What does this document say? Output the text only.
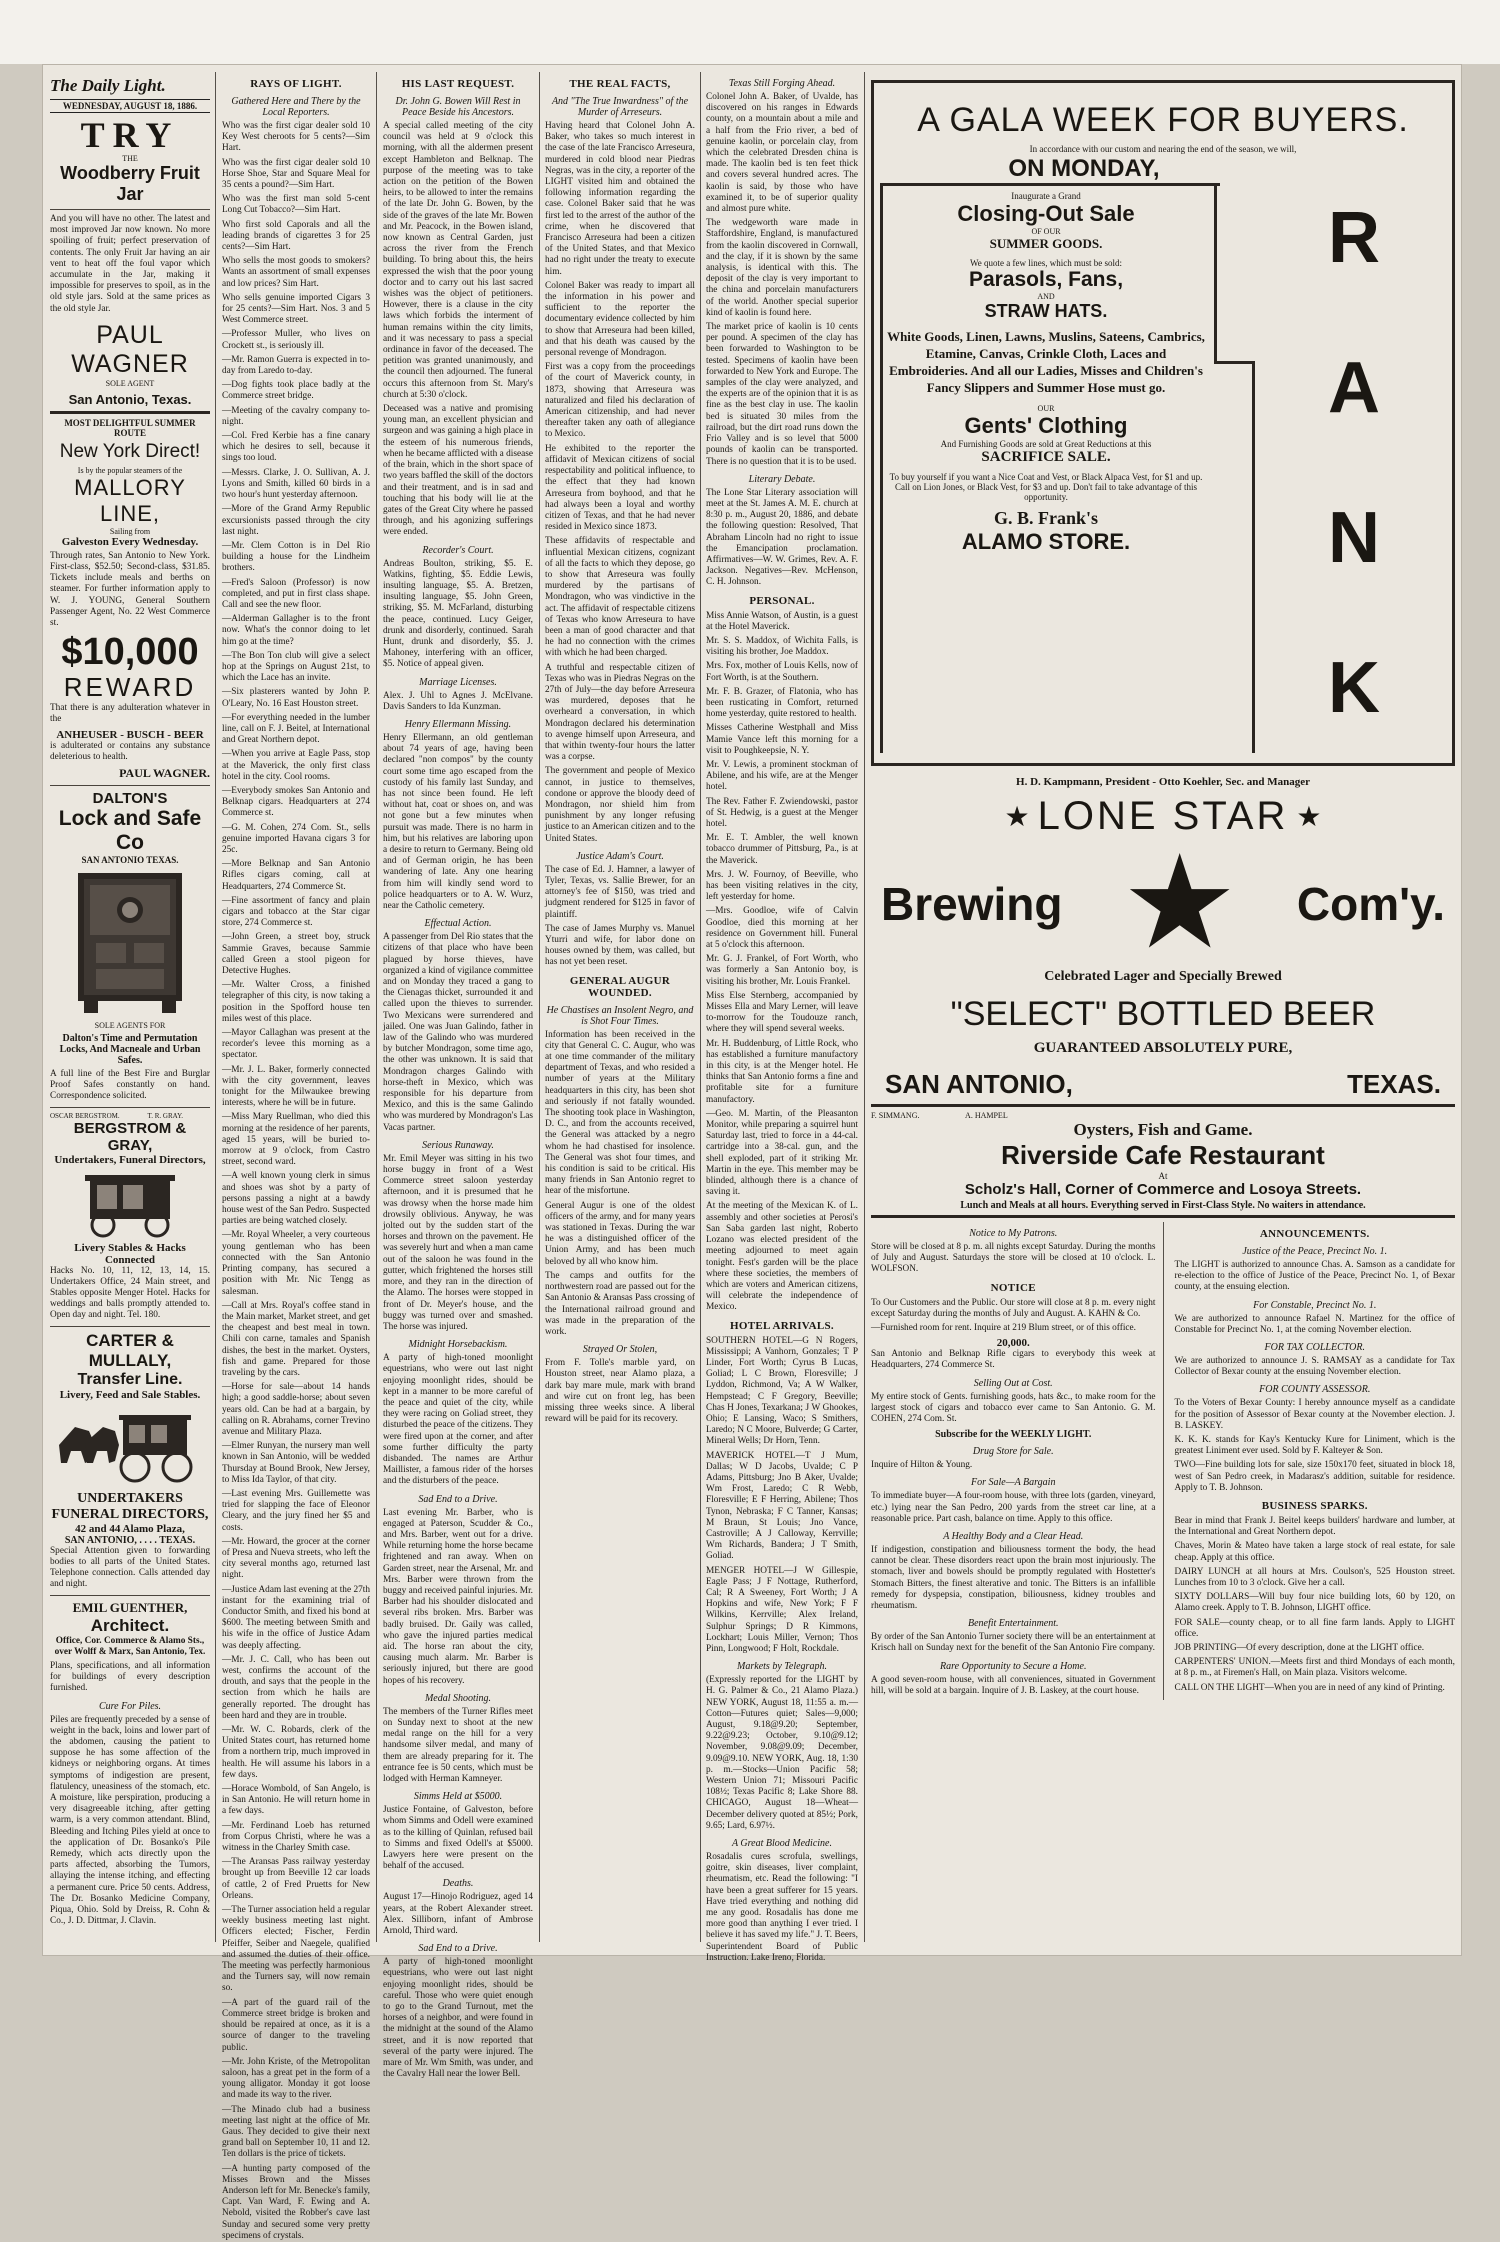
The Daily Light.
WEDNESDAY, AUGUST 18, 1886.
TRY
THE
Woodberry Fruit Jar

And you will have no other. The latest and most improved Jar now known. No more spoiling of fruit; perfect preservation of contents. The only Fruit Jar having an air vent to heat off the foul vapor which accumulate in the Jar, making it impossible for preserves to spoil, as in the old style jars. Sold at the same prices as the old style Jar.

PAUL WAGNER
SOLE AGENT
San Antonio, Texas.
MOST DELIGHTFUL SUMMER ROUTE
New York Direct!
Is by the popular steamers of the
MALLORY LINE,
Sailing from
Galveston Every Wednesday.

Through rates, San Antonio to New York. First-class, $52.50; Second-class, $31.85. Tickets include meals and berths on steamer. For further information apply to W. J. YOUNG, General Southern Passenger Agent, No. 22 West Commerce st.

$10,000
REWARD

That there is any adulteration whatever in the

ANHEUSER - BUSCH - BEER

is adulterated or contains any substance deleterious to health.

PAUL WAGNER.
DALTON'S
Lock and Safe Co
SAN ANTONIO TEXAS.
SOLE AGENTS FOR
Dalton's Time and Permutation Locks, And Macneale and Urban Safes.

A full line of the Best Fire and Burglar Proof Safes constantly on hand. Correspondence solicited.

OSCAR BERGSTROM.                T. R. GRAY.
BERGSTROM & GRAY,
Undertakers, Funeral Directors,
Livery Stables & Hacks Connected

Hacks No. 10, 11, 12, 13, 14, 15. Undertakers Office, 24 Main street, and Stables opposite Menger Hotel. Hacks for weddings and balls promptly attended to. Open day and night. Tel. 180.

CARTER & MULLALY,
Transfer Line.
Livery, Feed and Sale Stables.
UNDERTAKERS
FUNERAL DIRECTORS,
42 and 44 Alamo Plaza,
SAN ANTONIO, . . . . TEXAS.

Special Attention given to forwarding bodies to all parts of the United States. Telephone connection. Calls attended day and night.

EMIL GUENTHER,
Architect.

Office, Cor. Commerce & Alamo Sts., over Wolff & Marx, San Antonio, Tex.

Plans, specifications, and all information for buildings of every description furnished.

Cure For Piles.

Piles are frequently preceded by a sense of weight in the back, loins and lower part of the abdomen, causing the patient to suppose he has some affection of the kidneys or neighboring organs. At times symptoms of indigestion are present, flatulency, uneasiness of the stomach, etc. A moisture, like perspiration, producing a very disagreeable itching, after getting warm, is a very common attendant. Blind, Bleeding and Itching Piles yield at once to the application of Dr. Bosanko's Pile Remedy, which acts directly upon the parts affected, absorbing the Tumors, allaying the intense itching, and effecting a permanent cure. Price 50 cents. Address, The Dr. Bosanko Medicine Company, Piqua, Ohio. Sold by Dreiss, R. Cohn & Co., J. D. Dittmar, J. Clavin.

RAYS OF LIGHT.
Gathered Here and There by the Local Reporters.

Who was the first cigar dealer sold 10 Key West cheroots for 5 cents?—Sim Hart.

Who was the first cigar dealer sold 10 Horse Shoe, Star and Square Meal for 35 cents a pound?—Sim Hart.

Who was the first man sold 5-cent Long Cut Tobacco?—Sim Hart.

Who first sold Caporals and all the leading brands of cigarettes 3 for 25 cents?—Sim Hart.

Who sells the most goods to smokers? Wants an assortment of small expenses and low prices? Sim Hart.

Who sells genuine imported Cigars 3 for 25 cents?—Sim Hart. Nos. 3 and 5 West Commerce street.

—Professor Muller, who lives on Crockett st., is seriously ill.

—Mr. Ramon Guerra is expected in to-day from Laredo to-day.

—Dog fights took place badly at the Commerce street bridge.

—Meeting of the cavalry company to-night.

—Col. Fred Kerbie has a fine canary which he desires to sell, because it sings too loud.

—Messrs. Clarke, J. O. Sullivan, A. J. Lyons and Smith, killed 60 birds in a two hour's hunt yesterday afternoon.

—More of the Grand Army Republic excursionists passed through the city last night.

—Mr. Clem Cotton is in Del Rio building a house for the Lindheim brothers.

—Fred's Saloon (Professor) is now completed, and put in first class shape. Call and see the new floor.

—Alderman Gallagher is to the front now. What's the connor doing to let him go at the time?

—The Bon Ton club will give a select hop at the Springs on August 21st, to which the Lace has an invite.

—Six plasterers wanted by John P. O'Leary, No. 16 East Houston street.

—For everything needed in the lumber line, call on F. J. Beitel, at International and Great Northern depot.

—When you arrive at Eagle Pass, stop at the Maverick, the only first class hotel in the city. Cool rooms.

—Everybody smokes San Antonio and Belknap cigars. Headquarters at 274 Commerce st.

—G. M. Cohen, 274 Com. St., sells genuine imported Havana cigars 3 for 25c.

—More Belknap and San Antonio Rifles cigars coming, call at Headquarters, 274 Commerce St.

—Fine assortment of fancy and plain cigars and tobacco at the Star cigar store, 274 Commerce st.

—John Green, a street boy, struck Sammie Graves, because Sammie called Green a stool pigeon for Detective Hughes.

—Mr. Walter Cross, a finished telegrapher of this city, is now taking a position in the Spofford house ten miles west of this place.

—Mayor Callaghan was present at the recorder's levee this morning as a spectator.

—Mr. J. L. Baker, formerly connected with the city government, leaves tonight for the Milwaukee brewing interests, where he will be in future.

—Miss Mary Ruellman, who died this morning at the residence of her parents, aged 15 years, will be buried to-morrow at 9 o'clock, from Castro street, second ward.

—A well known young clerk in simus and shoes was shot by a party of persons passing a night at a bawdy house west of the San Pedro. Suspected parties are being watched closely.

—Mr. Royal Wheeler, a very courteous young gentleman who has been connected with the San Antonio Printing company, has secured a position with Mr. Nic Tengg as salesman.

—Call at Mrs. Royal's coffee stand in the Main market, Market street, and get the cheapest and best meal in town. Chili con carne, tamales and Spanish dishes, the best in the market. Oysters, fish and game. Prepared for those traveling by the cars.

—Horse for sale—about 14 hands high; a good saddle-horse; about seven years old. Can be had at a bargain, by calling on R. Abrahams, corner Trevino avenue and Military Plaza.

—Elmer Runyan, the nursery man well known in San Antonio, will be wedded Thursday at Bound Brook, New Jersey, to Miss Ida Taylor, of that city.

—Last evening Mrs. Guillemette was tried for slapping the face of Eleonor Cleary, and the jury fined her $5 and costs.

—Mr. Howard, the grocer at the corner of Presa and Nueva streets, who left the city several months ago, returned last night.

—Justice Adam last evening at the 27th instant for the examining trial of Conductor Smith, and fixed his bond at $600. The meeting between Smith and his wife in the office of Justice Adam was deeply affecting.

—Mr. J. C. Call, who has been out west, confirms the account of the drouth, and says that the people in the section from which he hails are generally reported. The drought has been hard and they are in trouble.

—Mr. W. C. Robards, clerk of the United States court, has returned home from a northern trip, much improved in health. He will assume his labors in a few days.

—Horace Wombold, of San Angelo, is in San Antonio. He will return home in a few days.

—Mr. Ferdinand Loeb has returned from Corpus Christi, where he was a witness in the Charley Smith case.

—The Aransas Pass railway yesterday brought up from Beeville 12 car loads of cattle, 2 of Fred Pruetts for New Orleans.

—The Turner association held a regular weekly business meeting last night. Officers elected; Fischer, Ferdin Pfeiffer, Seiber and Naegele, qualified and assumed the duties of their office. The meeting was perfectly harmonious and the Turners say, will now remain so.

—A part of the guard rail of the Commerce street bridge is broken and should be repaired at once, as it is a source of danger to the traveling public.

—Mr. John Kriste, of the Metropolitan saloon, has a great pet in the form of a young alligator. Monday it got loose and made its way to the river.

—The Minado club had a business meeting last night at the office of Mr. Gaus. They decided to give their next grand ball on September 10, 11 and 12. Ten dollars is the price of tickets.

—A hunting party composed of the Misses Brown and the Misses Anderson left for Mr. Benecke's family, Capt. Van Ward, F. Ewing and A. Nebold, visited the Robber's cave last Sunday and secured some very pretty specimens of crystals.

HIS LAST REQUEST.
Dr. John G. Bowen Will Rest in Peace Beside his Ancestors.

A special called meeting of the city council was held at 9 o'clock this morning, with all the aldermen present except Hambleton and Belknap. The purpose of the meeting was to take action on the petition of the Bowen heirs, to be allowed to inter the remains of the late Dr. John G. Bowen, by the side of the graves of the late Mr. Bowen and Mr. Peacock, in the Bowen island, now known as Central Garden, just across the river from the French building. To bring about this, the heirs expressed the wish that the poor young doctor and to carry out his last sacred wishes was the object of petitioners. However, there is a clause in the city laws which forbids the interment of human remains within the city limits, and it was necessary to pass a special ordinance in favor of the deceased. The petition was granted unanimously, and the council then adjourned. The funeral occurs this afternoon from St. Mary's church at 5:30 o'clock.

Deceased was a native and promising young man, an excellent physician and surgeon and was gaining a high place in the esteem of his numerous friends, when he became afflicted with a disease of the brain, which in the short space of two years baffled the skill of the doctors and their treatment, and is in sad and touching that his body will lie at the gates of the Great City where he passed through, and his agonizing sufferings were ended.

Recorder's Court.

Andreas Boulton, striking, $5. E. Watkins, fighting, $5. Eddie Lewis, insulting language, $5. A. Bretzen, insulting language, $5. John Green, striking, $5. M. McFarland, disturbing the peace, continued. Lucy Geiger, drunk and disorderly, continued. Sarah Hunt, drunk and disorderly, $5. J. Mahoney, interfering with an officer, $5. Notice of appeal given.

Marriage Licenses.

Alex. J. Uhl to Agnes J. McElvane. Davis Sanders to Ida Kunzman.

Henry Ellermann Missing.

Henry Ellermann, an old gentleman about 74 years of age, having been declared "non compos" by the county court some time ago escaped from the custody of his family last Sunday, and has not since been found. He left without hat, coat or shoes on, and was not gone but a few minutes when pursuit was made. There is no harm in him, but his relatives are laboring upon a desire to return to Germany. Being old and of German origin, he has been wandering of late. Any one hearing from him will kindly send word to police headquarters or to A. W. Wurz, near the Catholic cemetery.

Effectual Action.

A passenger from Del Rio states that the citizens of that place who have been plagued by horse thieves, have organized a kind of vigilance committee and on Monday they traced a gang to the Cienagas thicket, surrounded it and called upon the thieves to surrender. Two Mexicans were surrendered and jailed. One was Juan Galindo, father in law of the Galindo who was murdered by butcher Mondragon, some time ago, the other was unknown. It is said that Mondragon charges Galindo with horse-theft in Mexico, which was responsible for his departure from Mexico, and this is the same Galindo who was murdered by Mondragon's Las Vacas partner.

Serious Runaway.

Mr. Emil Meyer was sitting in his two horse buggy in front of a West Commerce street saloon yesterday afternoon, and it is presumed that he was drowsy when the horse made him drowsily oblivious. Anyway, he was jolted out by the sudden start of the horses and thrown on the pavement. He was severely hurt and when a man came out of the saloon he was found in the gutter, which frightened the horses still more, and they ran in the direction of the Alamo. The horses were stopped in front of Dr. Meyer's house, and the buggy was turned over and smashed. The horse was injured.

Midnight Horsebackism.

A party of high-toned moonlight equestrians, who were out last night enjoying moonlight rides, should be kept in a manner to be more careful of the peace and quiet of the city, while they were racing on Goliad street, they disturbed the peace of the citizens. They were fired upon at the corner, and after some further difficulty the party disbanded. The names are Arthur Maillister, a famous rider of the horses and the disturbers of the peace.

Sad End to a Drive.

Last evening Mr. Barber, who is engaged at Paterson, Scudder & Co., and Mrs. Barber, went out for a drive. While returning home the horse became frightened and ran away. When on Garden street, near the Arsenal, Mr. and Mrs. Barber were thrown from the buggy and received painful injuries. Mr. Barber had his shoulder dislocated and several ribs broken. Mrs. Barber was badly bruised. Dr. Gaily was called, who gave the injured parties medical aid. The horse ran about the city, causing much alarm. Mr. Barber is seriously injured, but there are good hopes of his recovery.

Medal Shooting.

The members of the Turner Rifles meet on Sunday next to shoot at the new medal range on the hill for a very handsome silver medal, and many of them are already preparing for it. The entrance fee is 50 cents, which must be lodged with Herman Kamneyer.

Simms Held at $5000.

Justice Fontaine, of Galveston, before whom Simms and Odell were examined as to the killing of Quinlan, refused bail to Simms and fixed Odell's at $5000. Lawyers here were present on the behalf of the accused.

Deaths.

August 17—Hinojo Rodriguez, aged 14 years, at the Robert Alexander street. Alex. Silliborn, infant of Ambrose Arnold, Third ward.

Sad End to a Drive.

A party of high-toned moonlight equestrians, who were out last night enjoying moonlight rides, should be careful. Those who were quiet enough to go to the Grand Turnout, met the horses of a neighbor, and were found in the midnight at the sound of the Alamo street, and it is now reported that several of the party were injured. The mare of Mr. Wm Smith, was under, and the Cavalry Hall near the lower Bell.

THE REAL FACTS,
And "The True Inwardness" of the Murder of Arreseurs.

Having heard that Colonel John A. Baker, who takes so much interest in the case of the late Francisco Arreseura, murdered in cold blood near Piedras Negras, was in the city, a reporter of the LIGHT visited him and obtained the following information regarding the case. Colonel Baker said that he was first led to the arrest of the author of the crime, when he discovered that Francisco Arreseura had been a citizen of the United States, and that Mexico had no right under the treaty to execute him.

Colonel Baker was ready to impart all the information in his power and sufficient to the reporter the documentary evidence collected by him to show that Arreseura had been killed, and that his death was caused by the personal revenge of Mondragon.

First was a copy from the proceedings of the court of Maverick county, in 1873, showing that Arreseura was naturalized and filed his declaration of American citizenship, and had never thereafter taken any oath of allegiance to Mexico.

He exhibited to the reporter the affidavit of Mexican citizens of social respectability and political influence, to the effect that they had known Arreseura from boyhood, and that he had always been a loyal and worthy citizen of Texas, and that he had never resided in Mexico since 1873.

These affidavits of respectable and influential Mexican citizens, cognizant of all the facts to which they depose, go to show that Arreseura was foully murdered by the partisans of Mondragon, who was vindictive in the act. The affidavit of respectable citizens of Texas who know Arreseura to have been a man of good character and that he had no connection with the crimes with which he had been charged.

A truthful and respectable citizen of Texas who was in Piedras Negras on the 27th of July—the day before Arreseura was murdered, deposes that he overheard a conversation, in which Mondragon declared his determination to avenge himself upon Arreseura, and that within twenty-four hours the latter was a corpse.

The government and people of Mexico cannot, in justice to themselves, condone or approve the bloody deed of Mondragon, nor shield him from punishment by any longer refusing justice to an American citizen and to the United States.

Justice Adam's Court.

The case of Ed. J. Hamner, a lawyer of Tyler, Texas, vs. Sallie Brewer, for an attorney's fee of $150, was tried and judgment rendered for $125 in favor of plaintiff.

The case of James Murphy vs. Manuel Yturri and wife, for labor done on houses owned by them, was called, but has not yet been reset.

GENERAL AUGUR WOUNDED.
He Chastises an Insolent Negro, and is Shot Four Times.

Information has been received in the city that General C. C. Augur, who was at one time commander of the military department of Texas, and who resided a number of years at the Military headquarters in this city, has been shot and seriously if not fatally wounded. The shooting took place in Washington, D. C., and from the accounts received, the General was attacked by a negro whom he had chastised for insolence. The General was shot four times, and his condition is said to be critical. His many friends in San Antonio regret to hear of the misfortune.

General Augur is one of the oldest officers of the army, and for many years was stationed in Texas. During the war he was a distinguished officer of the Union Army, and has been much beloved by all who know him.

The camps and outfits for the northwestern road are passed out for the San Antonio & Aransas Pass crossing of the International railroad ground and was made in the preparation of the work.

Strayed Or Stolen,

From F. Tolle's marble yard, on Houston street, near Alamo plaza, a dark bay mare mule, mark with brand and wire cut on front leg, has been missing three weeks since. A liberal reward will be paid for its recovery.

Texas Still Forging Ahead.

Colonel John A. Baker, of Uvalde, has discovered on his ranges in Edwards county, on a mountain about a mile and a half from the Frio river, a bed of genuine kaolin, or porcelain clay, from which the celebrated Dresden china is made. The kaolin bed is ten feet thick and covers several hundred acres. The kaolin is said, by those who have examined it, to be of superior quality and almost pure white.

The wedgeworth ware made in Staffordshire, England, is manufactured from the kaolin discovered in Cornwall, and the clay, if it is shown by the same analysis, is identical with this. The deposit of the clay is very important to the china and porcelain manufacturers of the world. Another special superior kind of kaolin is found here.

The market price of kaolin is 10 cents per pound. A specimen of the clay has been forwarded to Washington to be tested. Specimens of kaolin have been forwarded to New York and Europe. The samples of the clay were analyzed, and the experts are of the opinion that it is as fine as the best clay in use. The kaolin bed is situated 30 miles from the railroad, but the dirt road runs down the Frio Valley and is so level that 5000 pounds of kaolin can be transported. There is no question that it is to be used.

Literary Debate.

The Lone Star Literary association will meet at the St. James A. M. E. church at 8:30 p. m., August 20, 1886, and debate the following question: Resolved, That Abraham Lincoln had no right to issue the Emancipation proclamation. Affirmatives—W. W. Grimes, Rev. A. F. Jackson. Negatives—Rev. McHenson, C. H. Johnson.

PERSONAL.

Miss Annie Watson, of Austin, is a guest at the Hotel Maverick.

Mr. S. S. Maddox, of Wichita Falls, is visiting his brother, Joe Maddox.

Mrs. Fox, mother of Louis Kells, now of Fort Worth, is at the Southern.

Mr. F. B. Grazer, of Flatonia, who has been rusticating in Comfort, returned home yesterday, quite restored to health.

Misses Catherine Westphall and Miss Mamie Vance left this morning for a visit to Poughkeepsie, N. Y.

Mr. V. Lewis, a prominent stockman of Abilene, and his wife, are at the Menger hotel.

The Rev. Father F. Zwiendowski, pastor of St. Hedwig, is a guest at the Menger hotel.

Mr. E. T. Ambler, the well known tobacco drummer of Pittsburg, Pa., is at the Maverick.

Mrs. J. W. Fournoy, of Beeville, who has been visiting relatives in the city, left yesterday for home.

—Mrs. Goodloe, wife of Calvin Goodloe, died this morning at her residence on Government hill. Funeral at 5 o'clock this afternoon.

Mr. G. J. Frankel, of Fort Worth, who was formerly a San Antonio boy, is visiting his brother, Mr. Louis Frankel.

Miss Else Sternberg, accompanied by Misses Ella and Mary Lerner, will leave to-morrow for the Toudouze ranch, where they will spend several weeks.

Mr. H. Buddenburg, of Little Rock, who has established a furniture manufactory in this city, is at the Menger hotel. He thinks that San Antonio forms a fine and profitable site for a furniture manufactory.

—Geo. M. Martin, of the Pleasanton Monitor, while preparing a squirrel hunt Saturday last, tried to force in a 44-cal. cartridge into a 38-cal. gun, and the shell exploded, part of it striking Mr. Martin in the eye. This member may be blinded, although there is a chance of saving it.

At the meeting of the Mexican K. of L. assembly and other societies at Perosi's San Saba garden last night, Roberto Lozano was elected president of the meeting adjourned to meet again tonight. Fest's garden will be the place where these societies, the members of which are voters and American citizens, will celebrate the independence of Mexico.

HOTEL ARRIVALS.

SOUTHERN HOTEL—G N Rogers, Mississippi; A Vanhorn, Gonzales; T P Linder, Fort Worth; Cyrus B Lucas, Goliad; L C Brown, Floresville; J Lyddon, Richmond, Va; A W Walker, Hempstead; C F Gregory, Beeville; Chas H Jones, Texarkana; J W Ghookes, Ohio; E Lansing, Waco; S Smithers, Laredo; N C Moore, Bulverde; G Carter, Mineral Wells; Dr Horn, Tenn.

MAVERICK HOTEL—T J Mum, Dallas; W D Jacobs, Uvalde; C P Adams, Pittsburg; Jno B Aker, Uvalde; Wm Frost, Laredo; C R Webb, Floresville; E F Herring, Abilene; Thos Tynon, Nebraska; F C Tanner, Kansas; M Braun, St Louis; Jno Vance, Castroville; A J Calloway, Kerrville; Wm Richards, Bandera; J T Smith, Goliad.

MENGER HOTEL—J W Gillespie, Eagle Pass; J F Nottage, Rutherford, Cal; R A Sweeney, Fort Worth; J A Hopkins and wife, New York; F F Wilkins, Kerrville; Alex Ireland, Sulphur Springs; D R Kimmons, Lockhart; Louis Miller, Vernon; Thos Pinn, Longwood; F Holt, Rockdale.

Markets by Telegraph.

(Expressly reported for the LIGHT by H. G. Palmer & Co., 21 Alamo Plaza.) NEW YORK, August 18, 11:55 a. m.—Cotton—Futures quiet; Sales—9,000; August, 9.18@9.20; September, 9.22@9.23; October, 9.10@9.12; November, 9.08@9.09; December, 9.09@9.10. NEW YORK, Aug. 18, 1:30 p. m.—Stocks—Union Pacific 58; Western Union 71; Missouri Pacific 108½; Texas Pacific 8; Lake Shore 88. CHICAGO, August 18—Wheat—December delivery quoted at 85½; Pork, 9.65; Lard, 6.97½.

A Great Blood Medicine.

Rosadalis cures scrofula, swellings, goitre, skin diseases, liver complaint, rheumatism, etc. Read the following: "I have been a great sufferer for 15 years. Have tried everything and nothing did me any good. Rosadalis has done me more good than anything I ever tried. I believe it has saved my life." J. T. Beers, Superintendent Board of Public Instruction. Lake Ireno, Florida.

A GALA WEEK FOR BUYERS.
In accordance with our custom and nearing the end of the season, we will,
ON MONDAY,
Inaugurate a Grand
Closing-Out Sale
OF OUR
SUMMER GOODS.
We quote a few lines, which must be sold:
Parasols, Fans,
AND
STRAW HATS.
White Goods, Linen, Lawns, Muslins, Sateens, Cambrics, Etamine, Canvas, Crinkle Cloth, Laces and Embroideries. And all our Ladies, Misses and Children's Fancy Slippers and Summer Hose must go.
OUR
Gents' Clothing
And Furnishing Goods are sold at Great Reductions at this
SACRIFICE SALE.
To buy yourself if you want a Nice Coat and Vest, or Black Alpaca Vest, for $1 and up. Call on Lion Jones, or Black Vest, for $3 and up. Don't fail to take advantage of this opportunity.
G. B. Frank's
ALAMO STORE.
R
A
N
K
H. D. Kampmann, President - Otto Koehler, Sec. and Manager
★ LONE STAR ★
Brewing ★ Com'y.
Celebrated Lager and Specially Brewed
"SELECT" BOTTLED BEER
GUARANTEED ABSOLUTELY PURE,
SAN ANTONIO,	TEXAS.
F. SIMMANG.                       A. HAMPEL
Oysters, Fish and Game.
Riverside Cafe Restaurant
At
Scholz's Hall, Corner of Commerce and Losoya Streets.
Lunch and Meals at all hours. Everything served in First-Class Style. No waiters in attendance.
Notice to My Patrons.

Store will be closed at 8 p. m. all nights except Saturday. During the months of July and August. Saturdays the store will be closed at 10 o'clock. L. WOLFSON.

NOTICE

To Our Customers and the Public. Our store will close at 8 p. m. every night except Saturday during the months of July and August. A. KAHN & Co.

—Furnished room for rent. Inquire at 219 Blum street, or of this office.

20,000.

San Antonio and Belknap Rifle cigars to everybody this week at Headquarters, 274 Commerce St.

Selling Out at Cost.

My entire stock of Gents. furnishing goods, hats &c., to make room for the largest stock of cigars and tobacco ever came to San Antonio. G. M. COHEN, 274 Com. St.

Subscribe for the WEEKLY LIGHT.
Drug Store for Sale.

Inquire of Hilton & Young.

For Sale—A Bargain

To immediate buyer—A four-room house, with three lots (garden, vineyard, etc.) lying near the San Pedro, 200 yards from the street car line, at a reasonable price. Part cash, balance on time. Apply to this office.

A Healthy Body and a Clear Head.

If indigestion, constipation and biliousness torment the body, the head cannot be clear. These disorders react upon the brain most injuriously. The stomach, liver and bowels should be promptly regulated with Hostetter's Stomach Bitters, the finest alterative and tonic. The Bitters is an infallible remedy for dyspepsia, constipation, biliousness, kidney troubles and rheumatism.

Benefit Entertainment.

By order of the San Antonio Turner society there will be an entertainment at Krisch hall on Sunday next for the benefit of the San Antonio Fire company.

Rare Opportunity to Secure a Home.

A good seven-room house, with all conveniences, situated in Government hill, will be sold at a bargain. Inquire of J. B. Laskey, at the court house.

ANNOUNCEMENTS.
Justice of the Peace, Precinct No. 1.

The LIGHT is authorized to announce Chas. A. Samson as a candidate for re-election to the office of Justice of the Peace, Precinct No. 1, of Bexar county, at the ensuing election.

For Constable, Precinct No. 1.

We are authorized to announce Rafael N. Martinez for the office of Constable for Precinct No. 1, at the coming November election.

FOR TAX COLLECTOR.

We are authorized to announce J. S. RAMSAY as a candidate for Tax Collector of Bexar county at the ensuing November election.

FOR COUNTY ASSESSOR.

To the Voters of Bexar County: I hereby announce myself as a candidate for the position of Assessor of Bexar county at the November election. J. B. LASKEY.

K. K. K. stands for Kay's Kentucky Kure for Liniment, which is the greatest Liniment ever used. Sold by F. Kalteyer & Son.

TWO—Fine building lots for sale, size 150x170 feet, situated in block 18, west of San Pedro creek, in Madarasz's addition, suitable for residence. Apply to T. B. Johnson.

BUSINESS SPARKS.

Bear in mind that Frank J. Beitel keeps builders' hardware and lumber, at the International and Great Northern depot.

Chaves, Morin & Mateo have taken a large stock of real estate, for sale cheap. Apply at this office.

DAIRY LUNCH at all hours at Mrs. Coulson's, 525 Houston street. Lunches from 10 to 3 o'clock. Give her a call.

SIXTY DOLLARS—Will buy four nice building lots, 60 by 120, on Alamo creek. Apply to T. B. Johnson, LIGHT office.

FOR SALE—county cheap, or to all fine farm lands. Apply to LIGHT office.

JOB PRINTING—Of every description, done at the LIGHT office.

CARPENTERS' UNION.—Meets first and third Mondays of each month, at 8 p. m., at Firemen's Hall, on Main plaza. Visitors welcome.

CALL ON THE LIGHT—When you are in need of any kind of Printing.
